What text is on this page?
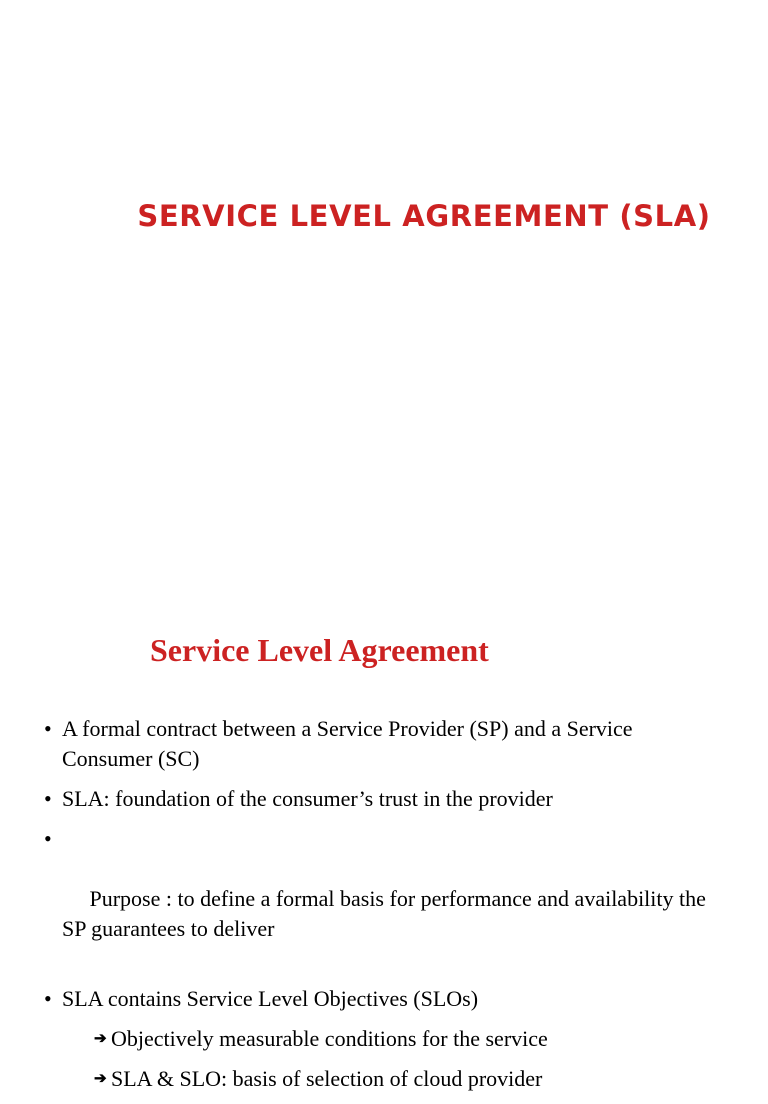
SERVICE LEVEL AGREEMENT (SLA)
Service Level Agreement
• A formal contract between a Service Provider (SP) and a Service Consumer (SC)
• SLA: foundation of the consumer’s trust in the provider

•

Purpose : to define a formal basis for performance and availability the SP guarantees to deliver

• SLA contains Service Level Objectives (SLOs)
➔ Objectively measurable conditions for the service
➔ SLA & SLO: basis of selection of cloud provider
